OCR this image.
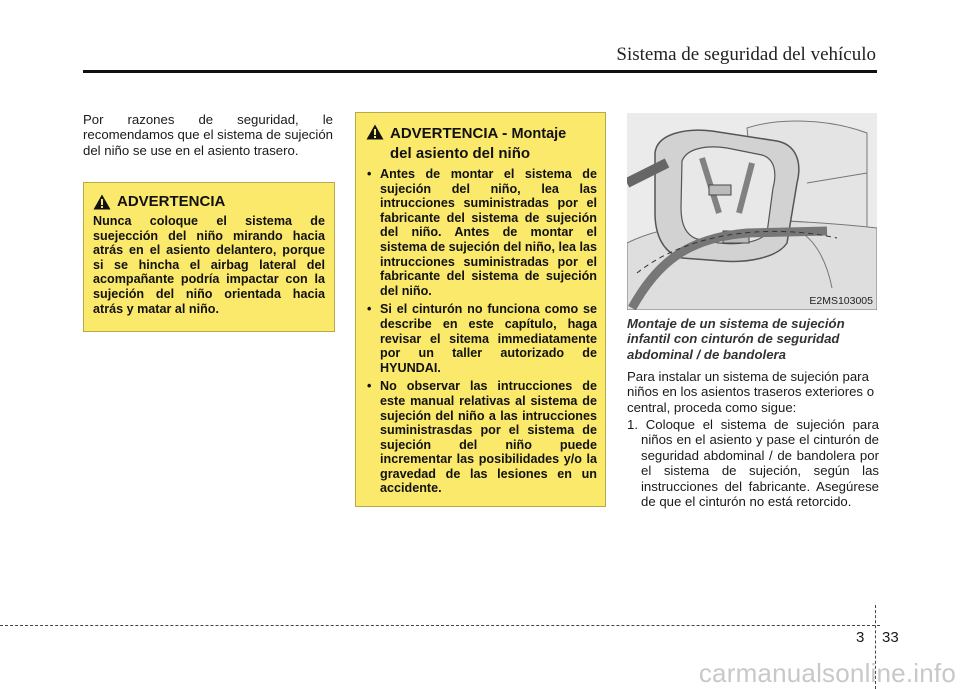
Sistema de seguridad del vehículo

Por razones de seguridad, le recomendamos que el sistema de sujeción del niño se use en el asiento trasero.

ADVERTENCIA

Nunca coloque el sistema de suejección del niño mirando hacia atrás en el asiento delantero, porque si se hincha el airbag lateral del acompañante podría impactar con la sujeción del niño orientada hacia atrás y matar al niño.

ADVERTENCIA - Montaje
del asiento del niño
• Antes de montar el sistema de sujeción del niño, lea las intrucciones suministradas por el fabricante del sistema de sujeción del niño. Antes de montar el sistema de sujeción del niño, lea las intrucciones suministradas por el fabricante del sistema de sujeción del niño.
• Si el cinturón no funciona como se describe en este capítulo, haga revisar el sitema immediatamente por un taller autorizado de HYUNDAI.
• No observar las intrucciones de este manual relativas al sistema de sujeción del niño a las intrucciones suministrasdas por el sistema de sujeción del niño puede incrementar las posibilidades y/o la gravedad de las lesiones en un accidente.
E2MS103005

Montaje de un sistema de sujeción infantil con cinturón de seguridad abdominal / de bandolera

Para instalar un sistema de sujeción para niños en los asientos traseros exteriores o central, proceda como sigue:

1. Coloque el sistema de sujeción para niños en el asiento y pase el cinturón de seguridad abdominal / de bandolera por el sistema de sujeción, según las instrucciones del fabricante. Asegúrese de que el cinturón no está retorcido.

3 33
carmanualsonline.info
